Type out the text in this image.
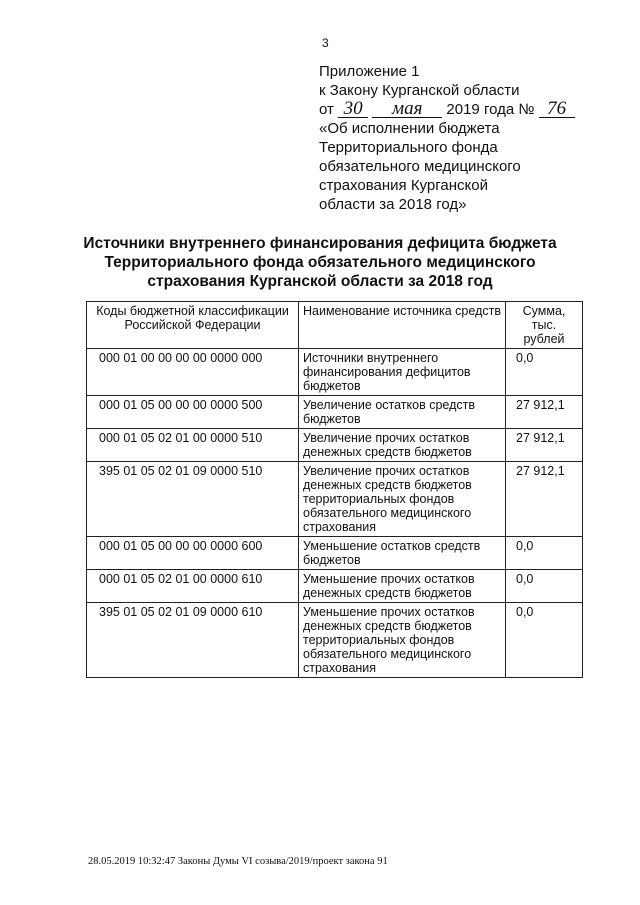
3
Приложение 1
к Закону Курганской области
от 30 мая 2019 года № 76
«Об исполнении бюджета
Территориального фонда
обязательного медицинского
страхования Курганской
области за 2018 год»
Источники внутреннего финансирования дефицита бюджета
Территориального фонда обязательного медицинского
страхования Курганской области за 2018 год
Коды бюджетной классификации Российской Федерации	Наименование источника средств	Сумма, тыс. рублей
000 01 00 00 00 00 0000 000	Источники внутреннего финансирования дефицитов бюджетов	0,0
000 01 05 00 00 00 0000 500	Увеличение остатков средств бюджетов	27 912,1
000 01 05 02 01 00 0000 510	Увеличение прочих остатков денежных средств бюджетов	27 912,1
395 01 05 02 01 09 0000 510	Увеличение прочих остатков денежных средств бюджетов территориальных фондов обязательного медицинского страхования	27 912,1
000 01 05 00 00 00 0000 600	Уменьшение остатков средств бюджетов	0,0
000 01 05 02 01 00 0000 610	Уменьшение прочих остатков денежных средств бюджетов	0,0
395 01 05 02 01 09 0000 610	Уменьшение прочих остатков денежных средств бюджетов территориальных фондов обязательного медицинского страхования	0,0
28.05.2019 10:32:47 Законы Думы VI созыва/2019/проект закона 91
